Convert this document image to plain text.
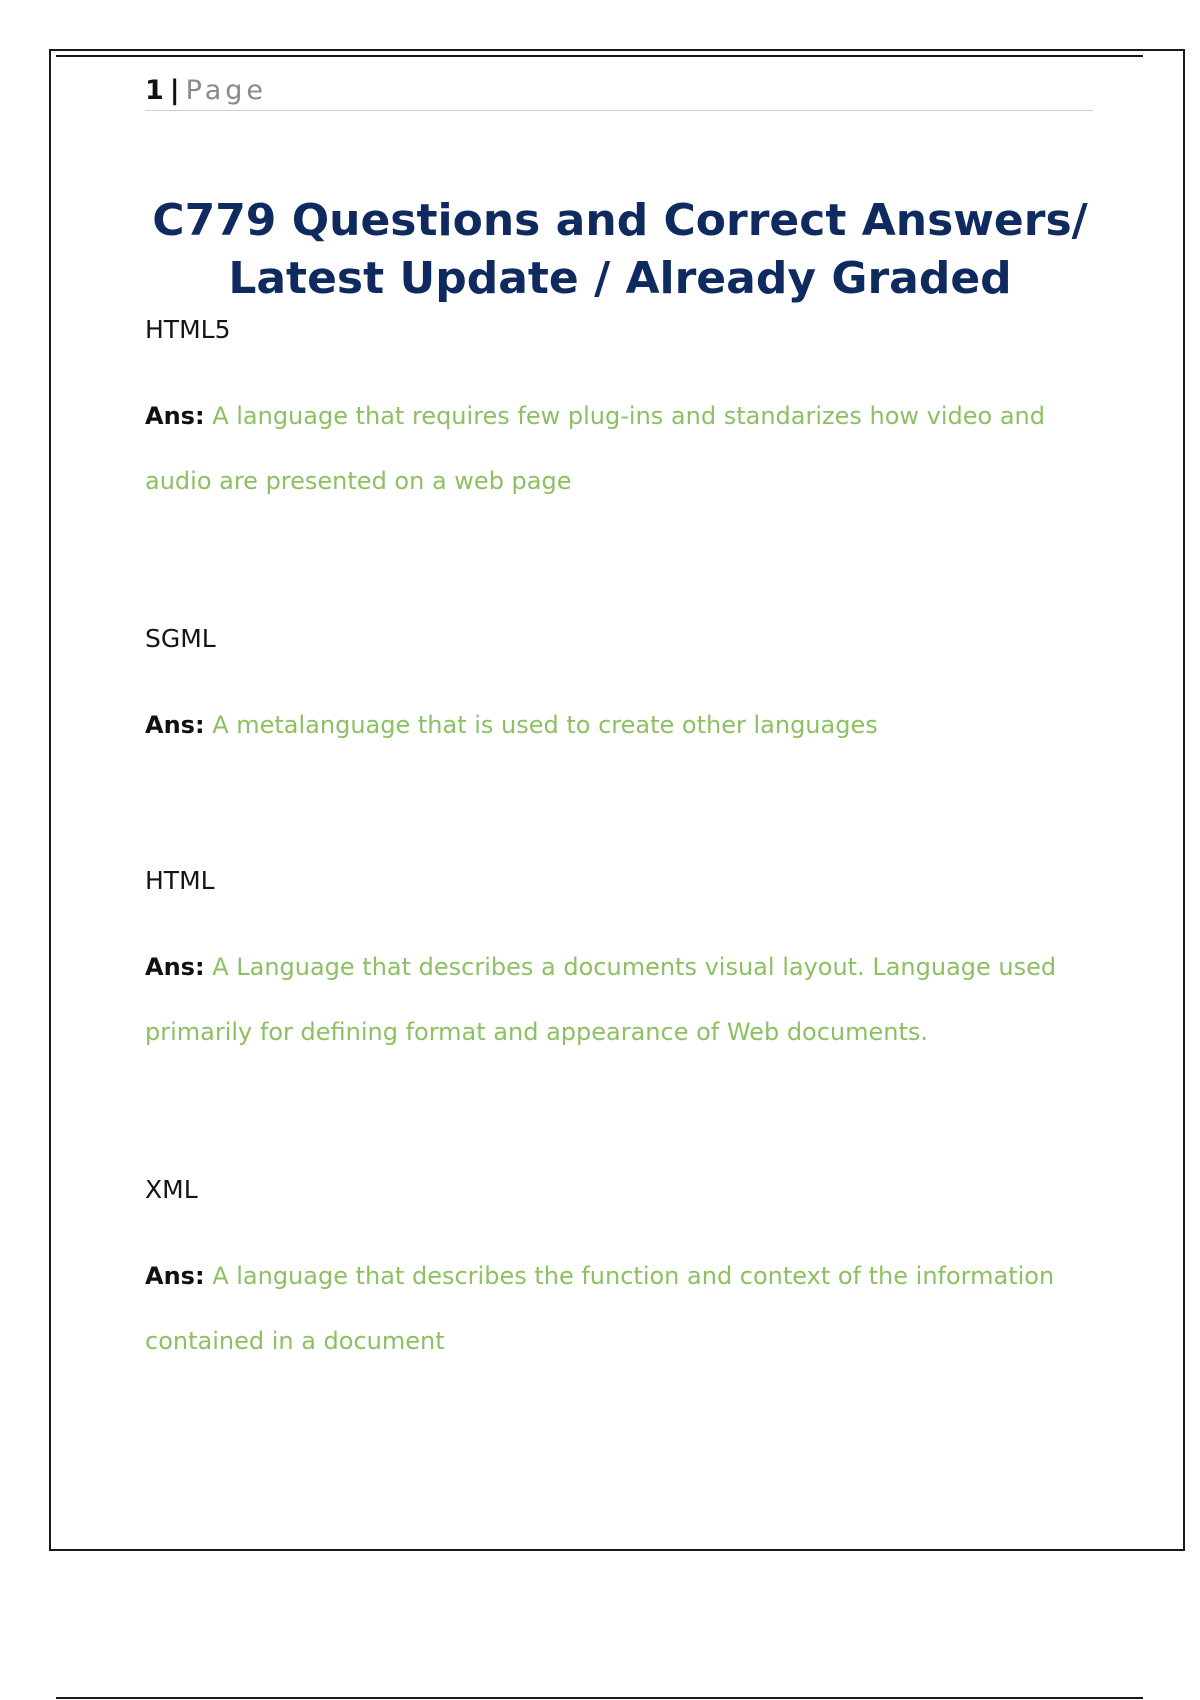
1 | Page
C779 Questions and Correct Answers/
Latest Update / Already Graded

HTML5

Ans: A language that requires few plug-ins and standarizes how video and audio are presented on a web page

SGML

Ans: A metalanguage that is used to create other languages

HTML

Ans: A Language that describes a documents visual layout. Language used primarily for defining format and appearance of Web documents.

XML

Ans: A language that describes the function and context of the information contained in a document
